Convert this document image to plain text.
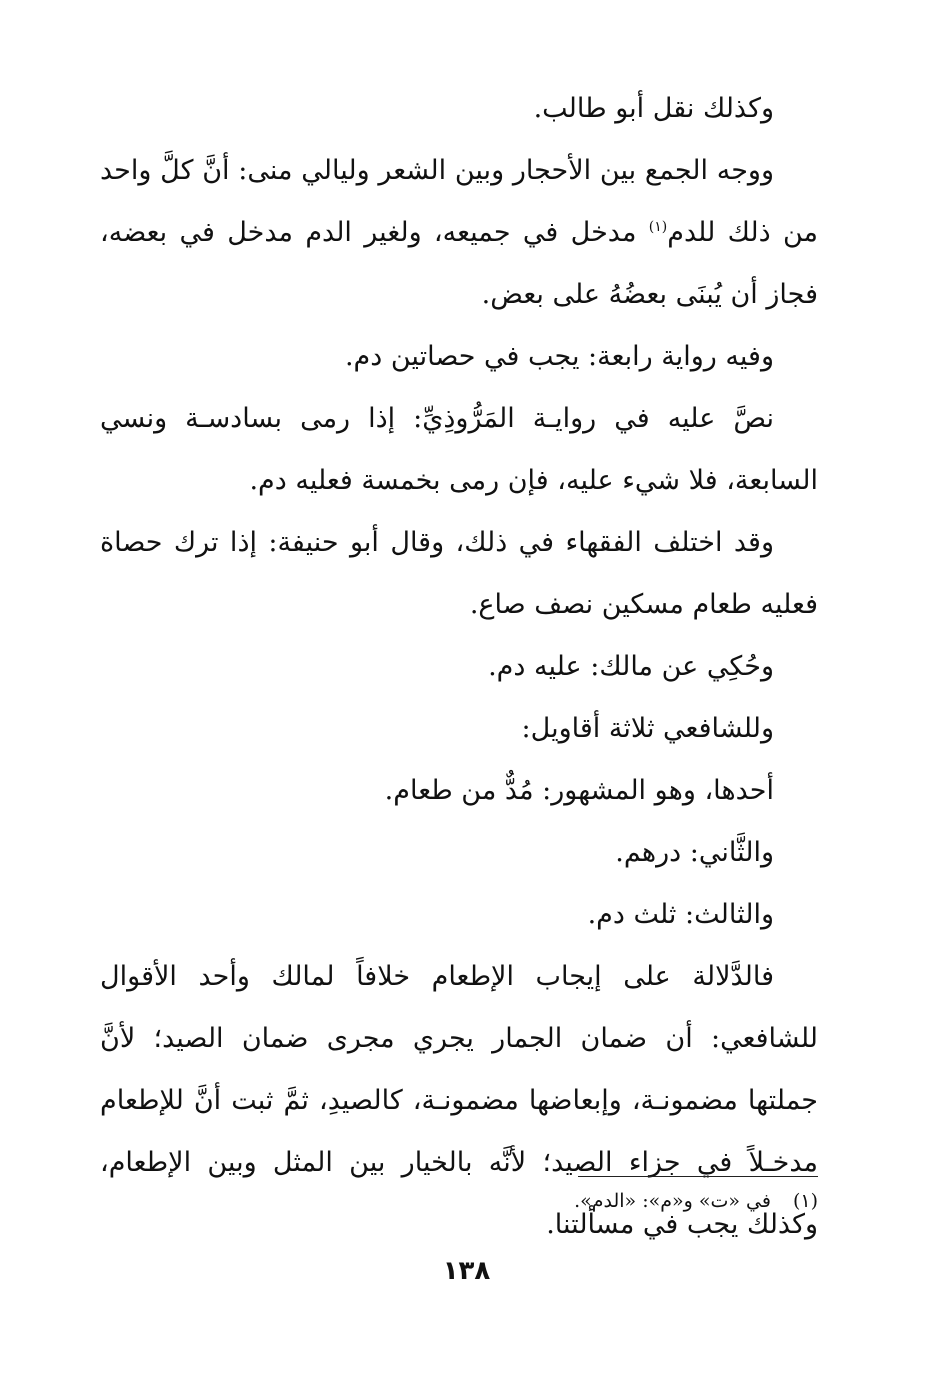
وكذلك نقل أبو طالب.

ووجه الجمع بين الأحجار وبين الشعر وليالي منى: أنَّ كلَّ واحد من ذلك للدم$^{(١)}$ مدخل في جميعه، ولغير الدم مدخل في بعضه، فجاز أن يُبنَى بعضُهُ على بعض.

وفيه رواية رابعة: يجب في حصاتين دم.

نصَّ عليه في روايـة المَرُّوذِيِّ: إذا رمى بسادسـة ونسي السابعة، فلا شيء عليه، فإن رمى بخمسة فعليه دم.

وقد اختلف الفقهاء في ذلك، وقال أبو حنيفة: إذا ترك حصاة فعليه طعام مسكين نصف صاع.

وحُكِي عن مالك: عليه دم.

وللشافعي ثلاثة أقاويل:

أحدها، وهو المشهور: مُدٌّ من طعام.

والثَّاني: درهم.

والثالث: ثلث دم.

فالدَّلالة على إيجاب الإطعام خلافاً لمالك وأحد الأقوال للشافعي: أن ضمان الجمار يجري مجرى ضمان الصيد؛ لأنَّ جملتها مضمونـة، وإبعاضها مضمونـة، كالصيدِ، ثمَّ ثبت أنَّ للإطعام مدخـلاً في جزاء الصيد؛ لأنَّه بالخيار بين المثل وبين الإطعام، وكذلك يجب في مسألتنا.

(١)في «ت» و«م»: «الدم».
١٣٨
